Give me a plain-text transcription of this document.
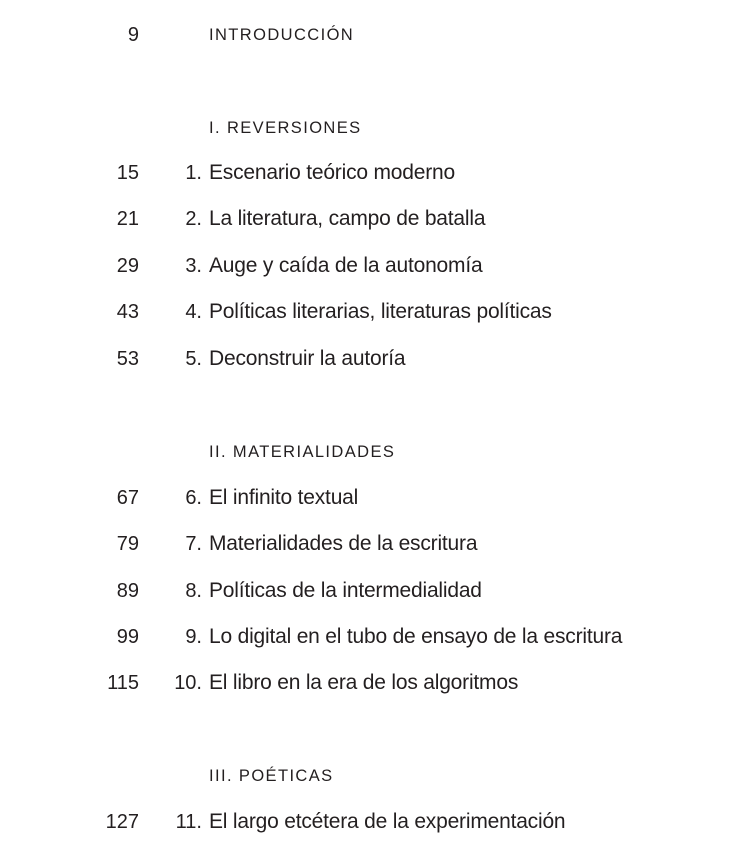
9	INTRODUCCIÓN
I. REVERSIONES
15 1. Escenario teórico moderno
21 2. La literatura, campo de batalla
29 3. Auge y caída de la autonomía
43 4. Políticas literarias, literaturas políticas
53 5. Deconstruir la autoría
II. MATERIALIDADES
67 6. El infinito textual
79 7. Materialidades de la escritura
89 8. Políticas de la intermedialidad
99 9. Lo digital en el tubo de ensayo de la escritura
115 10. El libro en la era de los algoritmos
III. POÉTICAS
127 11. El largo etcétera de la experimentación
